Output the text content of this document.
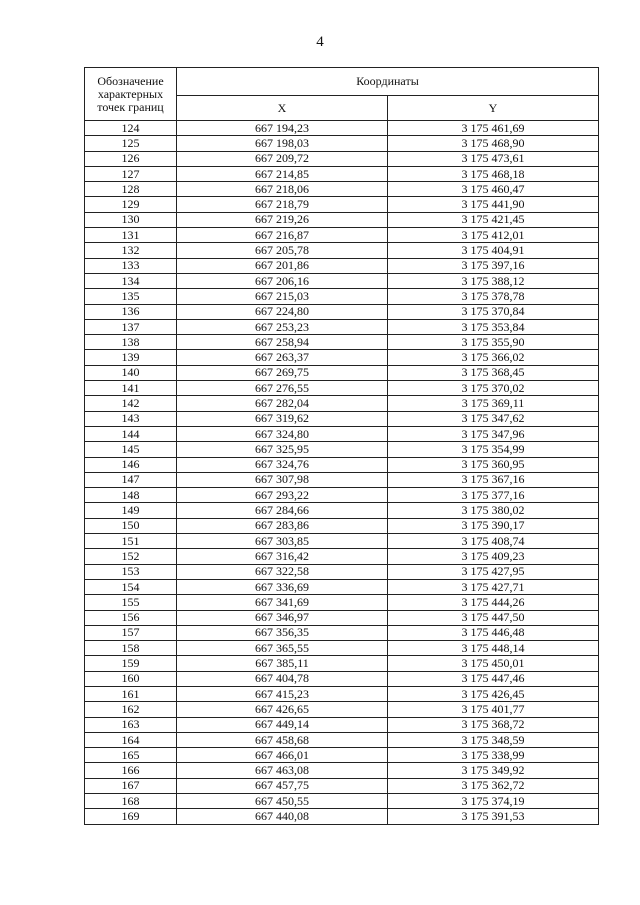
4
Обозначение характерных точек границ	Координаты	
	X	Y
124	667 194,23	3 175 461,69
125	667 198,03	3 175 468,90
126	667 209,72	3 175 473,61
127	667 214,85	3 175 468,18
128	667 218,06	3 175 460,47
129	667 218,79	3 175 441,90
130	667 219,26	3 175 421,45
131	667 216,87	3 175 412,01
132	667 205,78	3 175 404,91
133	667 201,86	3 175 397,16
134	667 206,16	3 175 388,12
135	667 215,03	3 175 378,78
136	667 224,80	3 175 370,84
137	667 253,23	3 175 353,84
138	667 258,94	3 175 355,90
139	667 263,37	3 175 366,02
140	667 269,75	3 175 368,45
141	667 276,55	3 175 370,02
142	667 282,04	3 175 369,11
143	667 319,62	3 175 347,62
144	667 324,80	3 175 347,96
145	667 325,95	3 175 354,99
146	667 324,76	3 175 360,95
147	667 307,98	3 175 367,16
148	667 293,22	3 175 377,16
149	667 284,66	3 175 380,02
150	667 283,86	3 175 390,17
151	667 303,85	3 175 408,74
152	667 316,42	3 175 409,23
153	667 322,58	3 175 427,95
154	667 336,69	3 175 427,71
155	667 341,69	3 175 444,26
156	667 346,97	3 175 447,50
157	667 356,35	3 175 446,48
158	667 365,55	3 175 448,14
159	667 385,11	3 175 450,01
160	667 404,78	3 175 447,46
161	667 415,23	3 175 426,45
162	667 426,65	3 175 401,77
163	667 449,14	3 175 368,72
164	667 458,68	3 175 348,59
165	667 466,01	3 175 338,99
166	667 463,08	3 175 349,92
167	667 457,75	3 175 362,72
168	667 450,55	3 175 374,19
169	667 440,08	3 175 391,53
